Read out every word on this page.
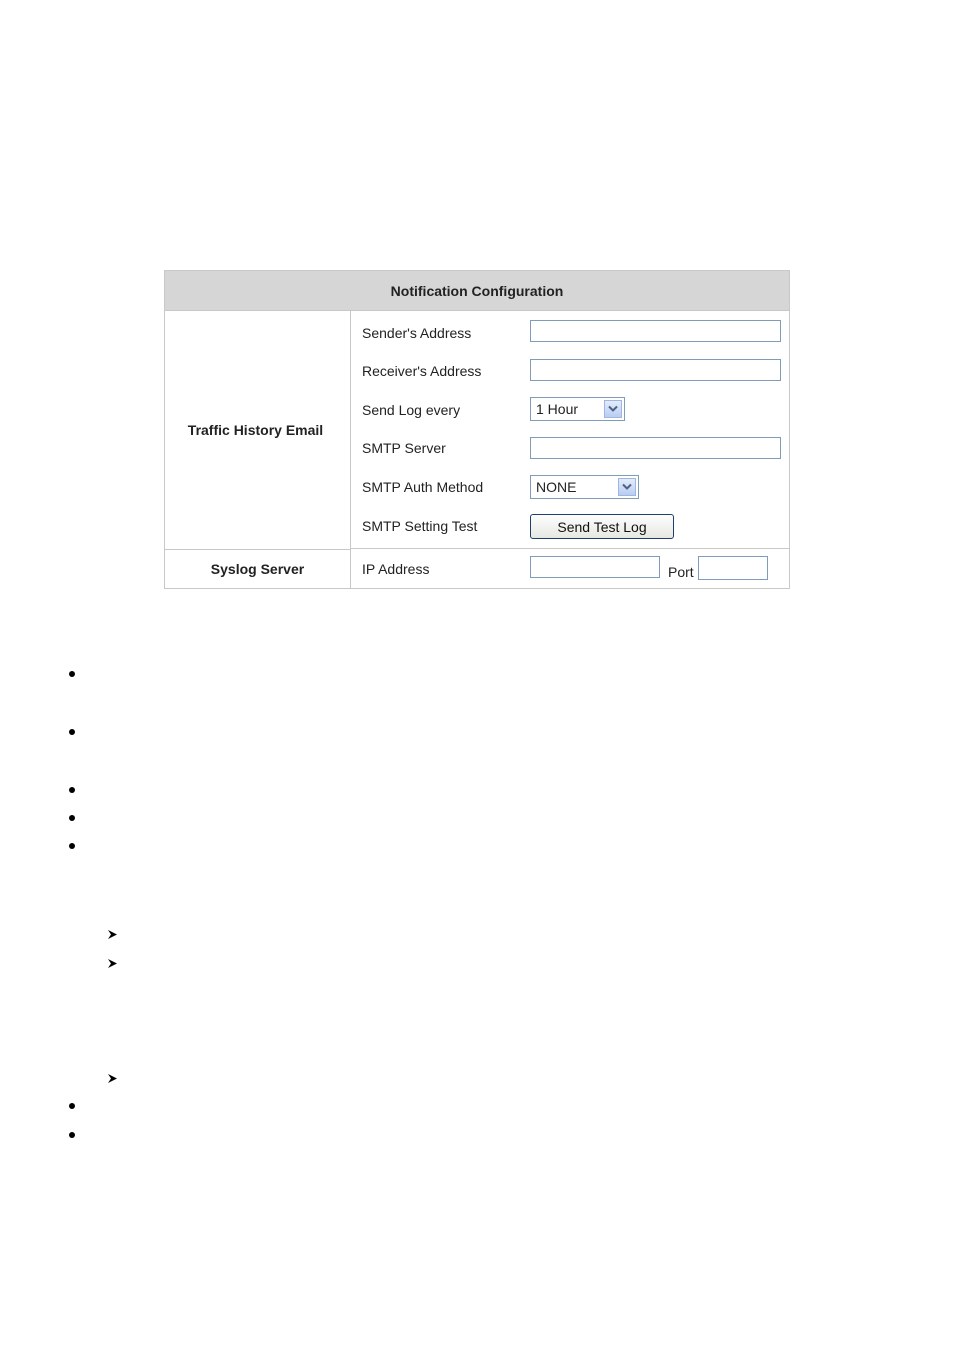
Notification Configuration
Traffic History Email
Sender's Address
Receiver's Address
Send Log every	1 Hour
SMTP Server
SMTP Auth Method	NONE
SMTP Setting Test	Send Test Log
Syslog Server	IP Address	Port
